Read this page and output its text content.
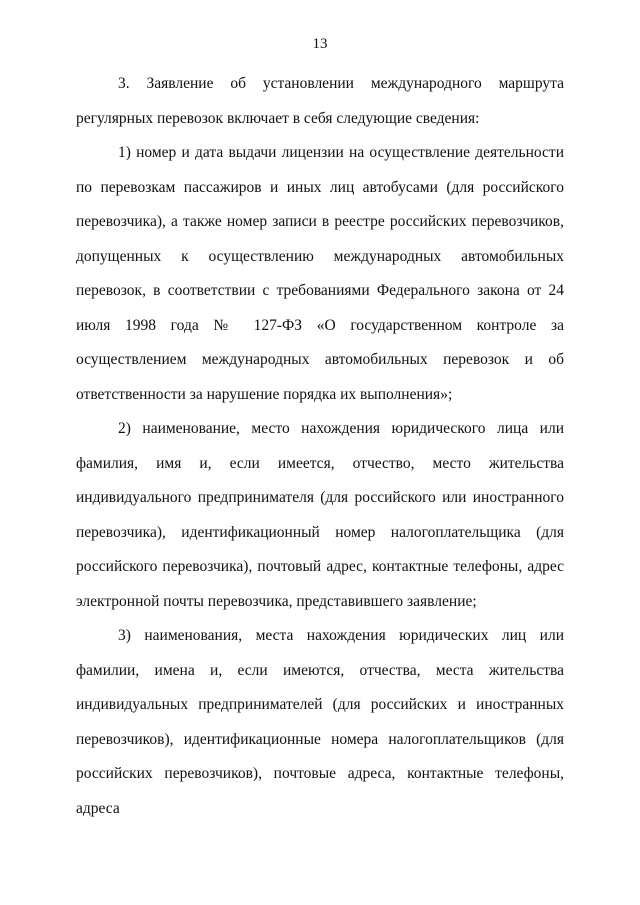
13

3. Заявление об установлении международного маршрута регулярных перевозок включает в себя следующие сведения:

1) номер и дата выдачи лицензии на осуществление деятельности по перевозкам пассажиров и иных лиц автобусами (для российского перевозчика), а также номер записи в реестре российских перевозчиков, допущенных к осуществлению международных автомобильных перевозок, в соответствии с требованиями Федерального закона от 24 июля 1998 года № 127-ФЗ «О государственном контроле за осуществлением международных автомобильных перевозок и об ответственности за нарушение порядка их выполнения»;

2) наименование, место нахождения юридического лица или фамилия, имя и, если имеется, отчество, место жительства индивидуального предпринимателя (для российского или иностранного перевозчика), идентификационный номер налогоплательщика (для российского перевозчика), почтовый адрес, контактные телефоны, адрес электронной почты перевозчика, представившего заявление;

3) наименования, места нахождения юридических лиц или фамилии, имена и, если имеются, отчества, места жительства индивидуальных предпринимателей (для российских и иностранных перевозчиков), идентификационные номера налогоплательщиков (для российских перевозчиков), почтовые адреса, контактные телефоны, адреса
